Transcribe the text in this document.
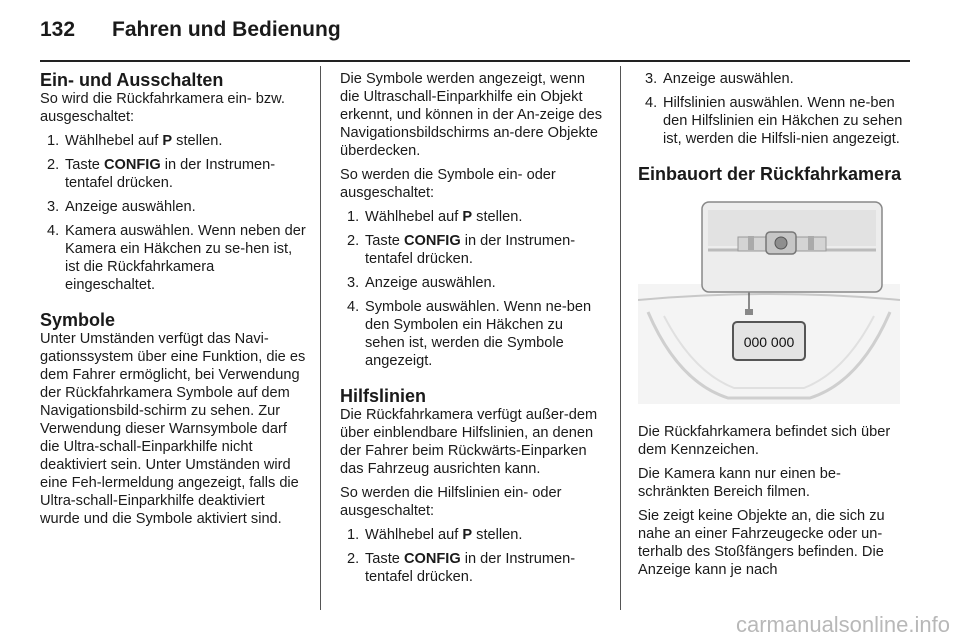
132 Fahren und Bedienung
Ein- und Ausschalten

So wird die Rückfahrkamera ein- bzw. ausgeschaltet:

1. Wählhebel auf P stellen.
2. Taste CONFIG in der Instrumen-tentafel drücken.
3. Anzeige auswählen.
4. Kamera auswählen. Wenn neben der Kamera ein Häkchen zu se-hen ist, ist die Rückfahrkamera eingeschaltet.
Symbole

Unter Umständen verfügt das Navi-gationssystem über eine Funktion, die es dem Fahrer ermöglicht, bei Verwendung der Rückfahrkamera Symbole auf dem Navigationsbild-schirm zu sehen. Zur Verwendung dieser Warnsymbole darf die Ultra-schall-Einparkhilfe nicht deaktiviert sein. Unter Umständen wird eine Feh-lermeldung angezeigt, falls die Ultra-schall-Einparkhilfe deaktiviert wurde und die Symbole aktiviert sind.

Die Symbole werden angezeigt, wenn die Ultraschall-Einparkhilfe ein Objekt erkennt, und können in der An-zeige des Navigationsbildschirms an-dere Objekte überdecken.

So werden die Symbole ein- oder ausgeschaltet:

1. Wählhebel auf P stellen.
2. Taste CONFIG in der Instrumen-tentafel drücken.
3. Anzeige auswählen.
4. Symbole auswählen. Wenn ne-ben den Symbolen ein Häkchen zu sehen ist, werden die Symbole angezeigt.
Hilfslinien

Die Rückfahrkamera verfügt außer-dem über einblendbare Hilfslinien, an denen der Fahrer beim Rückwärts-Einparken das Fahrzeug ausrichten kann.

So werden die Hilfslinien ein- oder ausgeschaltet:

1. Wählhebel auf P stellen.
2. Taste CONFIG in der Instrumen-tentafel drücken.
3. Anzeige auswählen.
4. Hilfslinien auswählen. Wenn ne-ben den Hilfslinien ein Häkchen zu sehen ist, werden die Hilfsli-nien angezeigt.
Einbauort der Rückfahrkamera
000 000

Die Rückfahrkamera befindet sich über dem Kennzeichen.

Die Kamera kann nur einen be-schränkten Bereich filmen.

Sie zeigt keine Objekte an, die sich zu nahe an einer Fahrzeugecke oder un-terhalb des Stoßfängers befinden. Die Anzeige kann je nach

carmanualsonline.info
